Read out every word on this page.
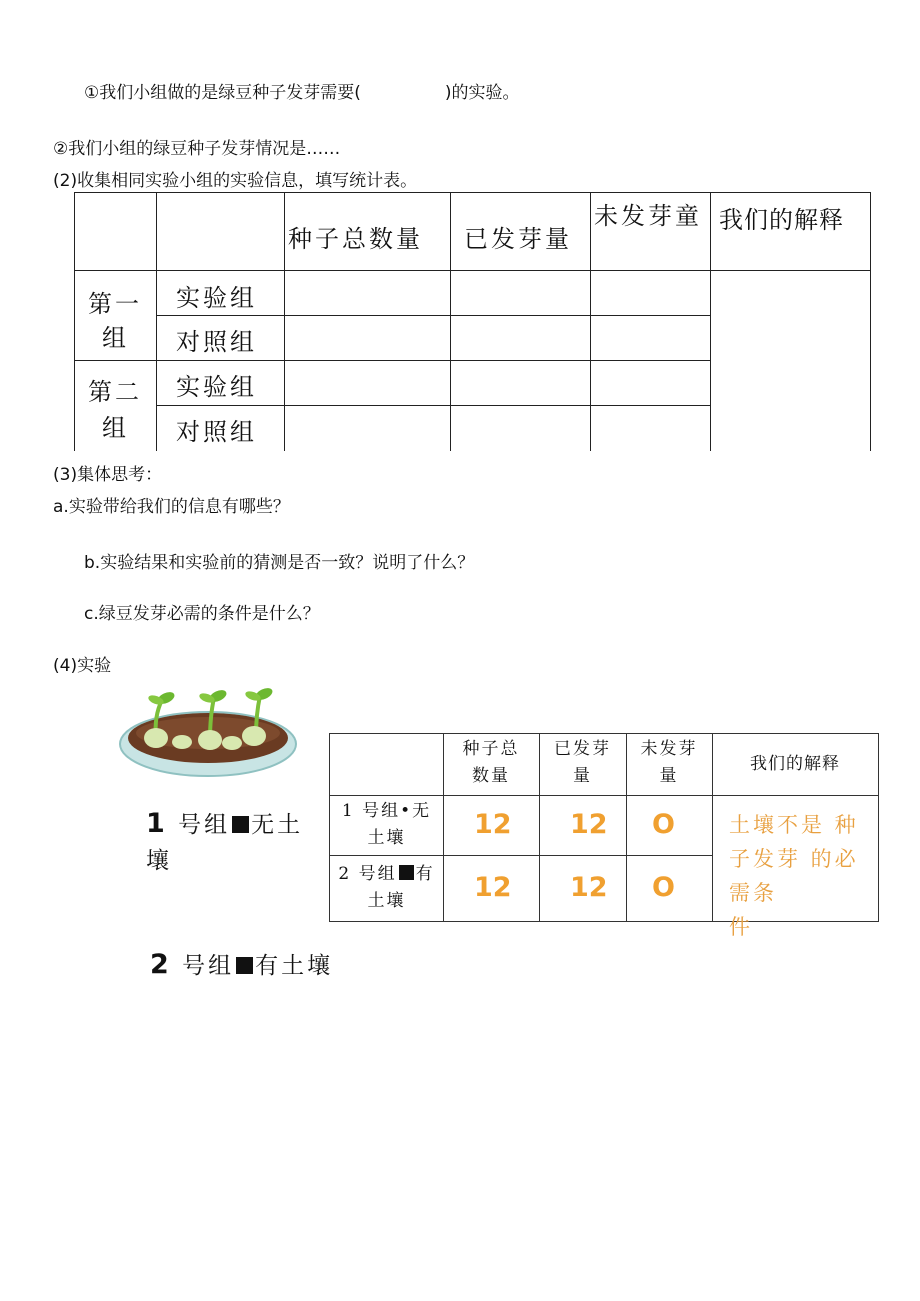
①我们小组做的是绿豆种子发芽需要(	)的实验。
②我们小组的绿豆种子发芽情况是……
(2)收集相同实验小组的实验信息，填写统计表。
种子总数量 已发芽量
未发芽童 我们的解释
第一
组
第二
组
实验组
对照组
实验组
对照组
(3)集体思考：
a.实验带给我们的信息有哪些？
b.实验结果和实验前的猜测是否一致？说明了什么？
c.绿豆发芽必需的条件是什么？
(4)实验
1 号组 无土
壤
2 号组 有土壤
种子总
数量
已发芽
量
未发芽
量
我们的解释
1 号组•无
土壤
2 号组 有
土壤
12 12 O
12 12 O
土壤不是 种
子发芽 的必
需条
件
